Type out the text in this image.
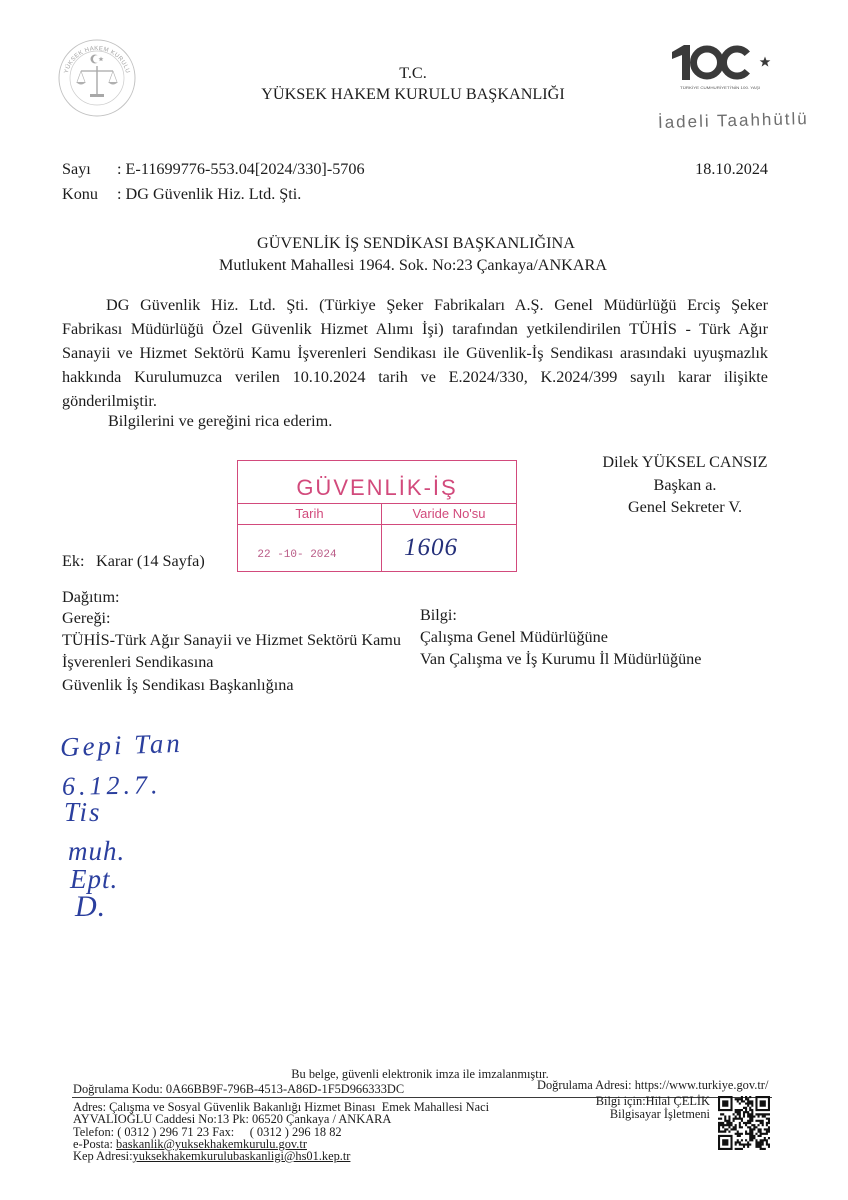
YÜKSEK HAKEM KURULU	T.C.
YÜKSEK HAKEM KURULU BAŞKANLIĞI	TÜRKİYE CUMHURİYETİ'NİN 100. YAŞI
İadeli Taahhütlü
Sayı : E-11699776-553.04[2024/330]-5706	18.10.2024
Konu : DG Güvenlik Hiz. Ltd. Şti.
GÜVENLİK İŞ SENDİKASI BAŞKANLIĞINA
Mutlukent Mahallesi 1964. Sok. No:23 Çankaya/ANKARA
DG Güvenlik Hiz. Ltd. Şti. (Türkiye Şeker Fabrikaları A.Ş. Genel Müdürlüğü Erciş Şeker
Fabrikası Müdürlüğü Özel Güvenlik Hizmet Alımı İşi) tarafından yetkilendirilen TÜHİS - Türk Ağır
Sanayii ve Hizmet Sektörü Kamu İşverenleri Sendikası ile Güvenlik-İş Sendikası arasındaki uyuşmazlık
hakkında Kurulumuzca verilen 10.10.2024 tarih ve E.2024/330, K.2024/399 sayılı karar ilişikte
gönderilmiştir.
Bilgilerini ve gereğini rica ederim.
Dilek YÜKSEL CANSIZ
Başkan a.
Genel Sekreter V.
GÜVENLİK-İŞ
Tarih	Varide No'su
22 -10- 2024	1606
Ek: Karar (14 Sayfa)
Dağıtım:
Gereği:
TÜHİS-Türk Ağır Sanayii ve Hizmet Sektörü Kamu
İşverenleri Sendikasına
Güvenlik İş Sendikası Başkanlığına
Bilgi:
Çalışma Genel Müdürlüğüne
Van Çalışma ve İş Kurumu İl Müdürlüğüne
Gepi Tan
6.12.7.
Tis
muh.
Ept.
D.
Bu belge, güvenli elektronik imza ile imzalanmıştır.
Doğrulama Kodu: 0A66BB9F-796B-4513-A86D-1F5D966333DC	Doğrulama Adresi: https://www.turkiye.gov.tr/
Adres: Çalışma ve Sosyal Güvenlik Bakanlığı Hizmet Binası  Emek Mahallesi Naci
AYVALIOĞLU Caddesi No:13 Pk: 06520 Çankaya / ANKARA
Telefon: ( 0312 ) 296 71 23 Fax:     ( 0312 ) 296 18 82
e-Posta: baskanlik@yuksekhakemkurulu.gov.tr
Kep Adresi:yuksekhakemkurulubaskanligi@hs01.kep.tr
Bilgi için:Hilal ÇELİK
Bilgisayar İşletmeni
